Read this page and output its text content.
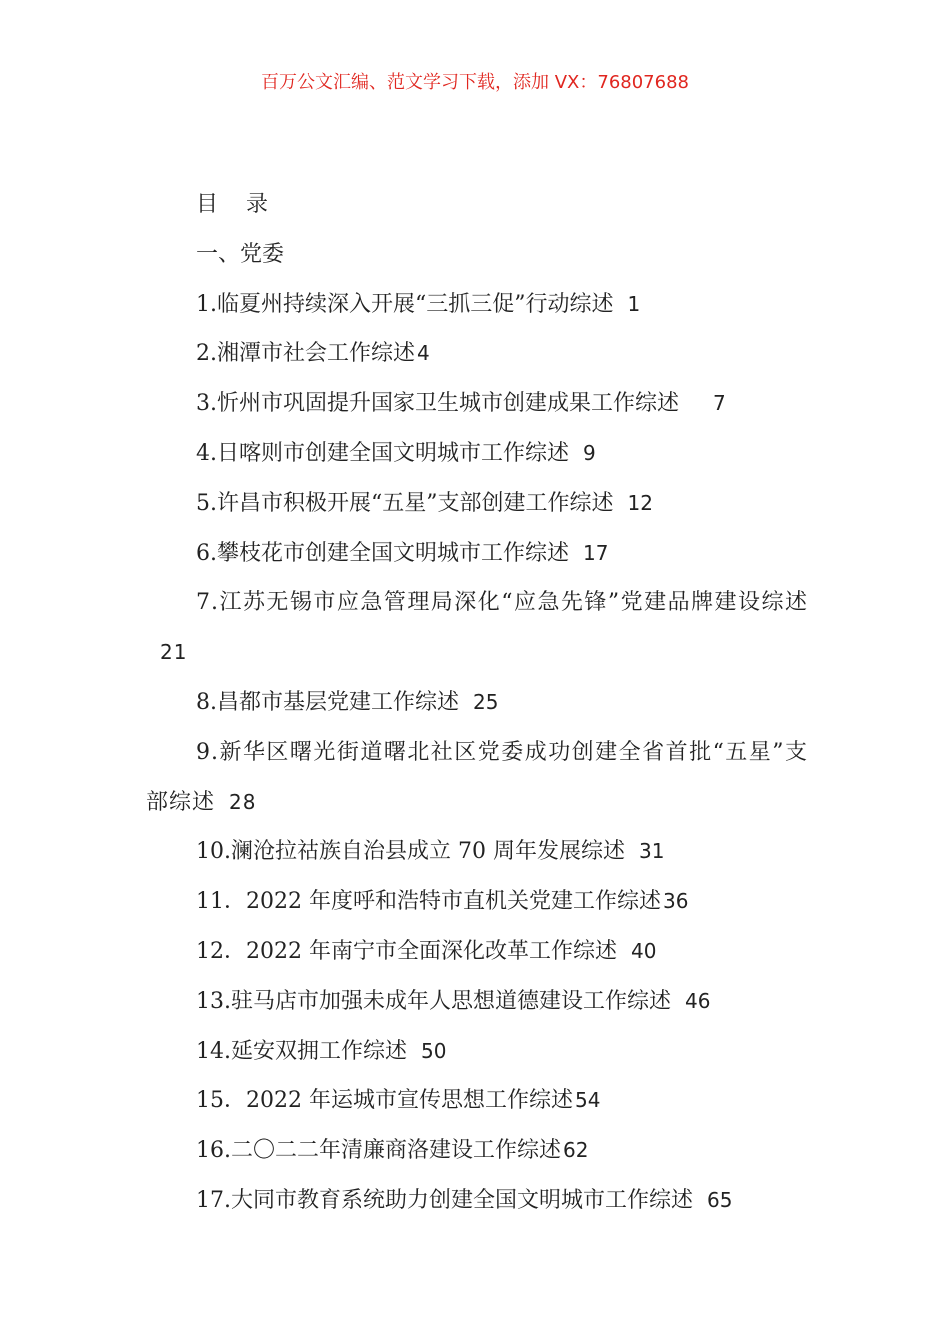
百万公文汇编、范文学习下载，添加 VX：76807688

目 录

一、党委

1.临夏州持续深入开展“三抓三促”行动综述 1

2.湘潭市社会工作综述 4

3.忻州市巩固提升国家卫生城市创建成果工作综述 7

4.日喀则市创建全国文明城市工作综述 9

5.许昌市积极开展“五星”支部创建工作综述 12

6.攀枝花市创建全国文明城市工作综述 17

7.江苏无锡市应急管理局深化“应急先锋”党建品牌建设综述21

8.昌都市基层党建工作综述 25

9.新华区曙光街道曙北社区党委成功创建全省首批“五星”支部综述 28

10.澜沧拉祜族自治县成立 70 周年发展综述 31

11．2022 年度呼和浩特市直机关党建工作综述 36

12．2022 年南宁市全面深化改革工作综述 40

13.驻马店市加强未成年人思想道德建设工作综述 46

14.延安双拥工作综述 50

15．2022 年运城市宣传思想工作综述 54

16.二〇二二年清廉商洛建设工作综述 62

17.大同市教育系统助力创建全国文明城市工作综述 65
